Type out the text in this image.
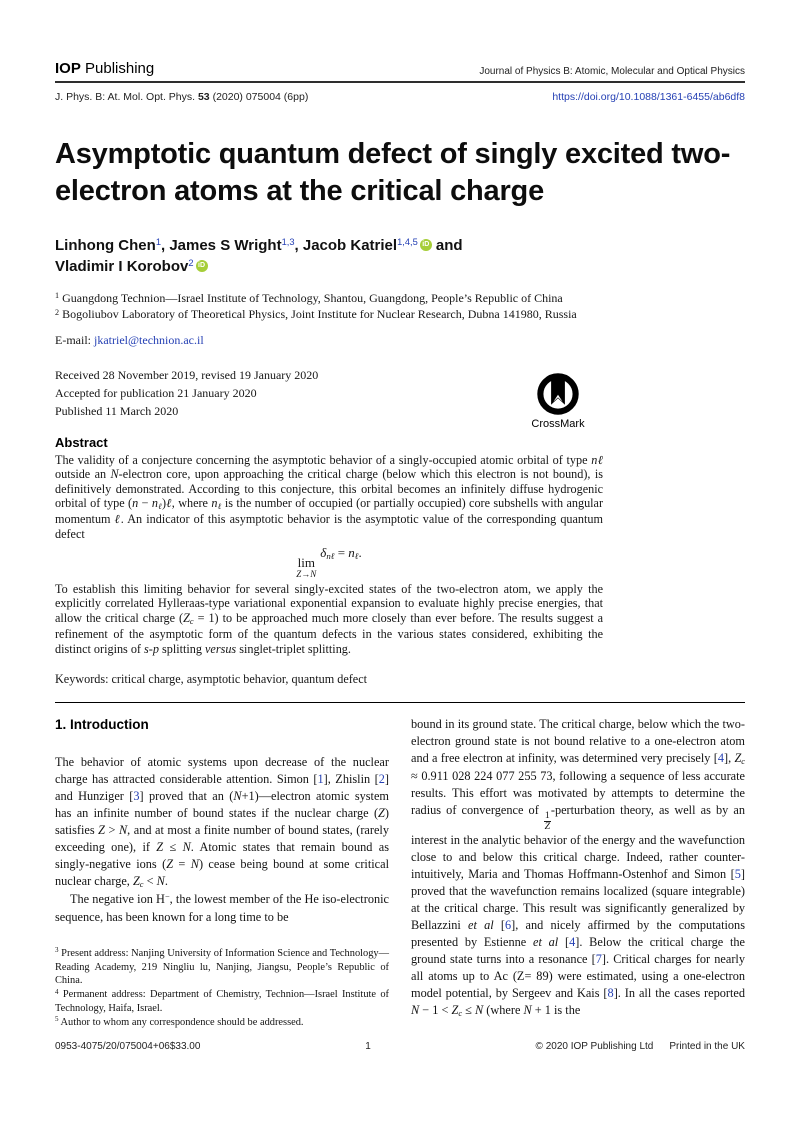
IOP Publishing	Journal of Physics B: Atomic, Molecular and Optical Physics
J. Phys. B: At. Mol. Opt. Phys. 53 (2020) 075004 (6pp)	https://doi.org/10.1088/1361-6455/ab6df8
Asymptotic quantum defect of singly excited two-electron atoms at the critical charge
Linhong Chen$^1$, James S Wright$^{1,3}$, Jacob Katriel$^{1,4,5}$ iD and
Vladimir I Korobov$^2$ iD
$^1$ Guangdong Technion—Israel Institute of Technology, Shantou, Guangdong, People’s Republic of China
$^2$ Bogoliubov Laboratory of Theoretical Physics, Joint Institute for Nuclear Research, Dubna 141980, Russia
E-mail: jkatriel@technion.ac.il
Received 28 November 2019, revised 19 January 2020
Accepted for publication 21 January 2020
Published 11 March 2020
CrossMark
Abstract

The validity of a conjecture concerning the asymptotic behavior of a singly-occupied atomic orbital of type nℓ outside an N-electron core, upon approaching the critical charge (below which this electron is not bound), is definitively demonstrated. According to this conjecture, this orbital becomes an infinitely diffuse hydrogenic orbital of type (n − nℓ)ℓ, where nℓ is the number of occupied (or partially occupied) core subshells with angular momentum ℓ. An indicator of this asymptotic behavior is the asymptotic value of the corresponding quantum defect

lim
Z→N
δnℓ = nℓ.

To establish this limiting behavior for several singly-excited states of the two-electron atom, we apply the explicitly correlated Hylleraas-type variational exponential expansion to evaluate highly precise energies, that allow the critical charge (Zc = 1) to be approached much more closely than ever before. The results suggest a refinement of the asymptotic form of the quantum defects in the various states considered, exhibiting the distinct origins of s-p splitting versus singlet-triplet splitting.

Keywords: critical charge, asymptotic behavior, quantum defect
1. Introduction

The behavior of atomic systems upon decrease of the nuclear charge has attracted considerable attention. Simon [1], Zhislin [2] and Hunziger [3] proved that an (N+1)—electron atomic system has an infinite number of bound states if the nuclear charge (Z) satisfies Z > N, and at most a finite number of bound states, (rarely exceeding one), if Z ≤ N. Atomic states that remain bound as singly-negative ions (Z = N) cease being bound at some critical nuclear charge, Zc < N.

The negative ion H−, the lowest member of the He iso-electronic sequence, has been known for a long time to be

$^3$ Present address: Nanjing University of Information Science and Technology—Reading Academy, 219 Ningliu lu, Nanjing, Jiangsu, People’s Republic of China.

$^4$ Permanent address: Department of Chemistry, Technion—Israel Institute of Technology, Haifa, Israel.

$^5$ Author to whom any correspondence should be addressed.

bound in its ground state. The critical charge, below which the two-electron ground state is not bound relative to a one-electron atom and a free electron at infinity, was determined very precisely [4], Zc ≈ 0.911 028 224 077 255 73, following a sequence of less accurate results. This effort was motivated by attempts to determine the radius of convergence of
$\frac{1}{Z}$
-perturbation theory, as well as by an interest in the analytic behavior of the energy and the wavefunction close to and below this critical charge. Indeed, rather counter-intuitively, Maria and Thomas Hoffmann-Ostenhof and Simon [5] proved that the wavefunction remains localized (square integrable) at the critical charge. This result was significantly generalized by Bellazzini et al [6], and nicely affirmed by the computations presented by Estienne et al [4]. Below the critical charge the ground state turns into a resonance [7]. Critical charges for nearly all atoms up to Ac (Z= 89) were estimated, using a one-electron model potential, by Sergeev and Kais [8]. In all the cases reported N − 1 < Zc ≤ N (where N + 1 is the

0953-4075/20/075004+06$33.00	1	© 2020 IOP Publishing Ltd Printed in the UK
